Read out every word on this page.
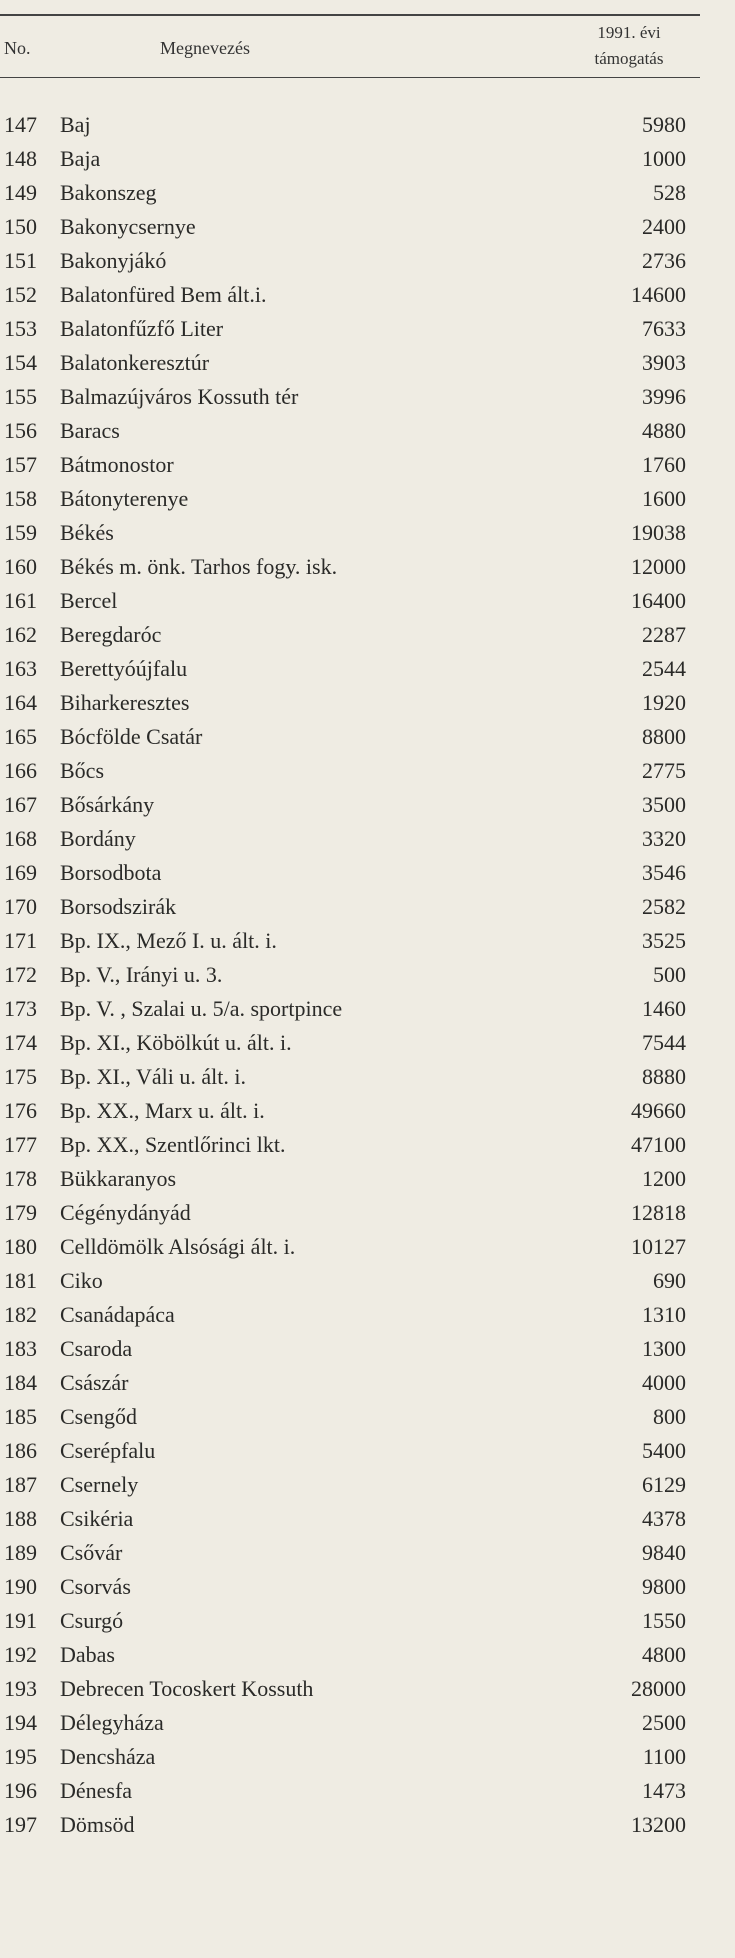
No.	Megnevezés
1991. évi
támogatás
147	Baj	5980
148	Baja	1000
149	Bakonszeg	528
150	Bakonycsernye	2400
151	Bakonyjákó	2736
152	Balatonfüred Bem ált.i.	14600
153	Balatonfűzfő Liter	7633
154	Balatonkeresztúr	3903
155	Balmazújváros Kossuth tér	3996
156	Baracs	4880
157	Bátmonostor	1760
158	Bátonyterenye	1600
159	Békés	19038
160	Békés m. önk. Tarhos fogy. isk.	12000
161	Bercel	16400
162	Beregdaróc	2287
163	Berettyóújfalu	2544
164	Biharkeresztes	1920
165	Bócfölde Csatár	8800
166	Bőcs	2775
167	Bősárkány	3500
168	Bordány	3320
169	Borsodbota	3546
170	Borsodszirák	2582
171	Bp. IX., Mező I. u. ált. i.	3525
172	Bp. V., Irányi u. 3.	500
173	Bp. V. , Szalai u. 5/a. sportpince	1460
174	Bp. XI., Köbölkút u. ált. i.	7544
175	Bp. XI., Váli u. ált. i.	8880
176	Bp. XX., Marx u. ált. i.	49660
177	Bp. XX., Szentlőrinci lkt.	47100
178	Bükkaranyos	1200
179	Cégénydányád	12818
180	Celldömölk Alsósági ált. i.	10127
181	Ciko	690
182	Csanádapáca	1310
183	Csaroda	1300
184	Császár	4000
185	Csengőd	800
186	Cserépfalu	5400
187	Csernely	6129
188	Csikéria	4378
189	Csővár	9840
190	Csorvás	9800
191	Csurgó	1550
192	Dabas	4800
193	Debrecen Tocoskert Kossuth	28000
194	Délegyháza	2500
195	Dencsháza	1100
196	Dénesfa	1473
197	Dömsöd	13200
